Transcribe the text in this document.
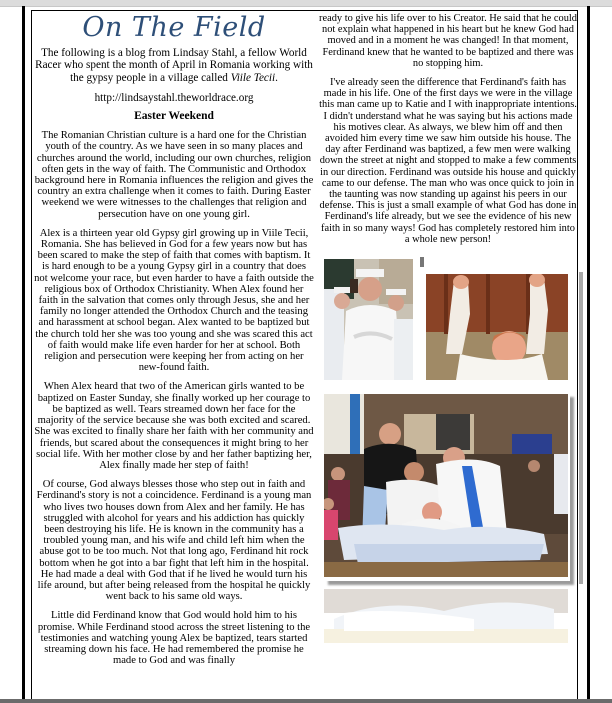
On The Field

The following is a blog from Lindsay Stahl, a fellow World Racer who spent the month of April in Romania working with the gypsy people in a village called Viile Tecii.

http://lindsaystahl.theworldrace.org

Easter Weekend

The Romanian Christian culture is a hard one for the Christian youth of the country. As we have seen in so many places and churches around the world, including our own churches, religion often gets in the way of faith. The Communistic and Orthodox background here in Romania influences the religion and gives the country an extra challenge when it comes to faith. During Easter weekend we were witnesses to the challenges that religion and persecution have on one young girl.

Alex is a thirteen year old Gypsy girl growing up in Viile Tecii, Romania. She has believed in God for a few years now but has been scared to make the step of faith that comes with baptism. It is hard enough to be a young Gypsy girl in a country that does not welcome your race, but even harder to have a faith outside the religious box of Orthodox Christianity. When Alex found her faith in the salvation that comes only through Jesus, she and her family no longer attended the Orthodox Church and the teasing and harassment at school began. Alex wanted to be baptized but the church told her she was too young and she was scared this act of faith would make life even harder for her at school. Both religion and persecution were keeping her from acting on her new-found faith.

When Alex heard that two of the American girls wanted to be baptized on Easter Sunday, she finally worked up her courage to be baptized as well. Tears streamed down her face for the majority of the service because she was both excited and scared. She was excited to finally share her faith with her community and friends, but scared about the consequences it might bring to her social life. With her mother close by and her father baptizing her, Alex finally made her step of faith!

Of course, God always blesses those who step out in faith and Ferdinand's story is not a coincidence. Ferdinand is a young man who lives two houses down from Alex and her family. He has struggled with alcohol for years and his addiction has quickly been destroying his life. He is known in the community has a troubled young man, and his wife and child left him when the abuse got to be too much. Not that long ago, Ferdinand hit rock bottom when he got into a bar fight that left him in the hospital. He had made a deal with God that if he lived he would turn his life around, but after being released from the hospital he quickly went back to his same old ways.

Little did Ferdinand know that God would hold him to his promise. While Ferdinand stood across the street listening to the testimonies and watching young Alex be baptized, tears started streaming down his face. He had remembered the promise he made to God and was finally

ready to give his life over to his Creator. He said that he could not explain what happened in his heart but he knew God had moved and in a moment he was changed! In that moment, Ferdinand knew that he wanted to be baptized and there was no stopping him.

I've already seen the difference that Ferdinand's faith has made in his life. One of the first days we were in the village this man came up to Katie and I with inappropriate intentions. I didn't understand what he was saying but his actions made his motives clear. As always, we blew him off and then avoided him every time we saw him outside his house. The day after Ferdinand was baptized, a few men were walking down the street at night and stopped to make a few comments in our direction. Ferdinand was outside his house and quickly came to our defense. The man who was once quick to join in the taunting was now standing up against his peers in our defense. This is just a small example of what God has done in Ferdinand's life already, but we see the evidence of his new faith in so many ways! God has completely restored him into a whole new person!
